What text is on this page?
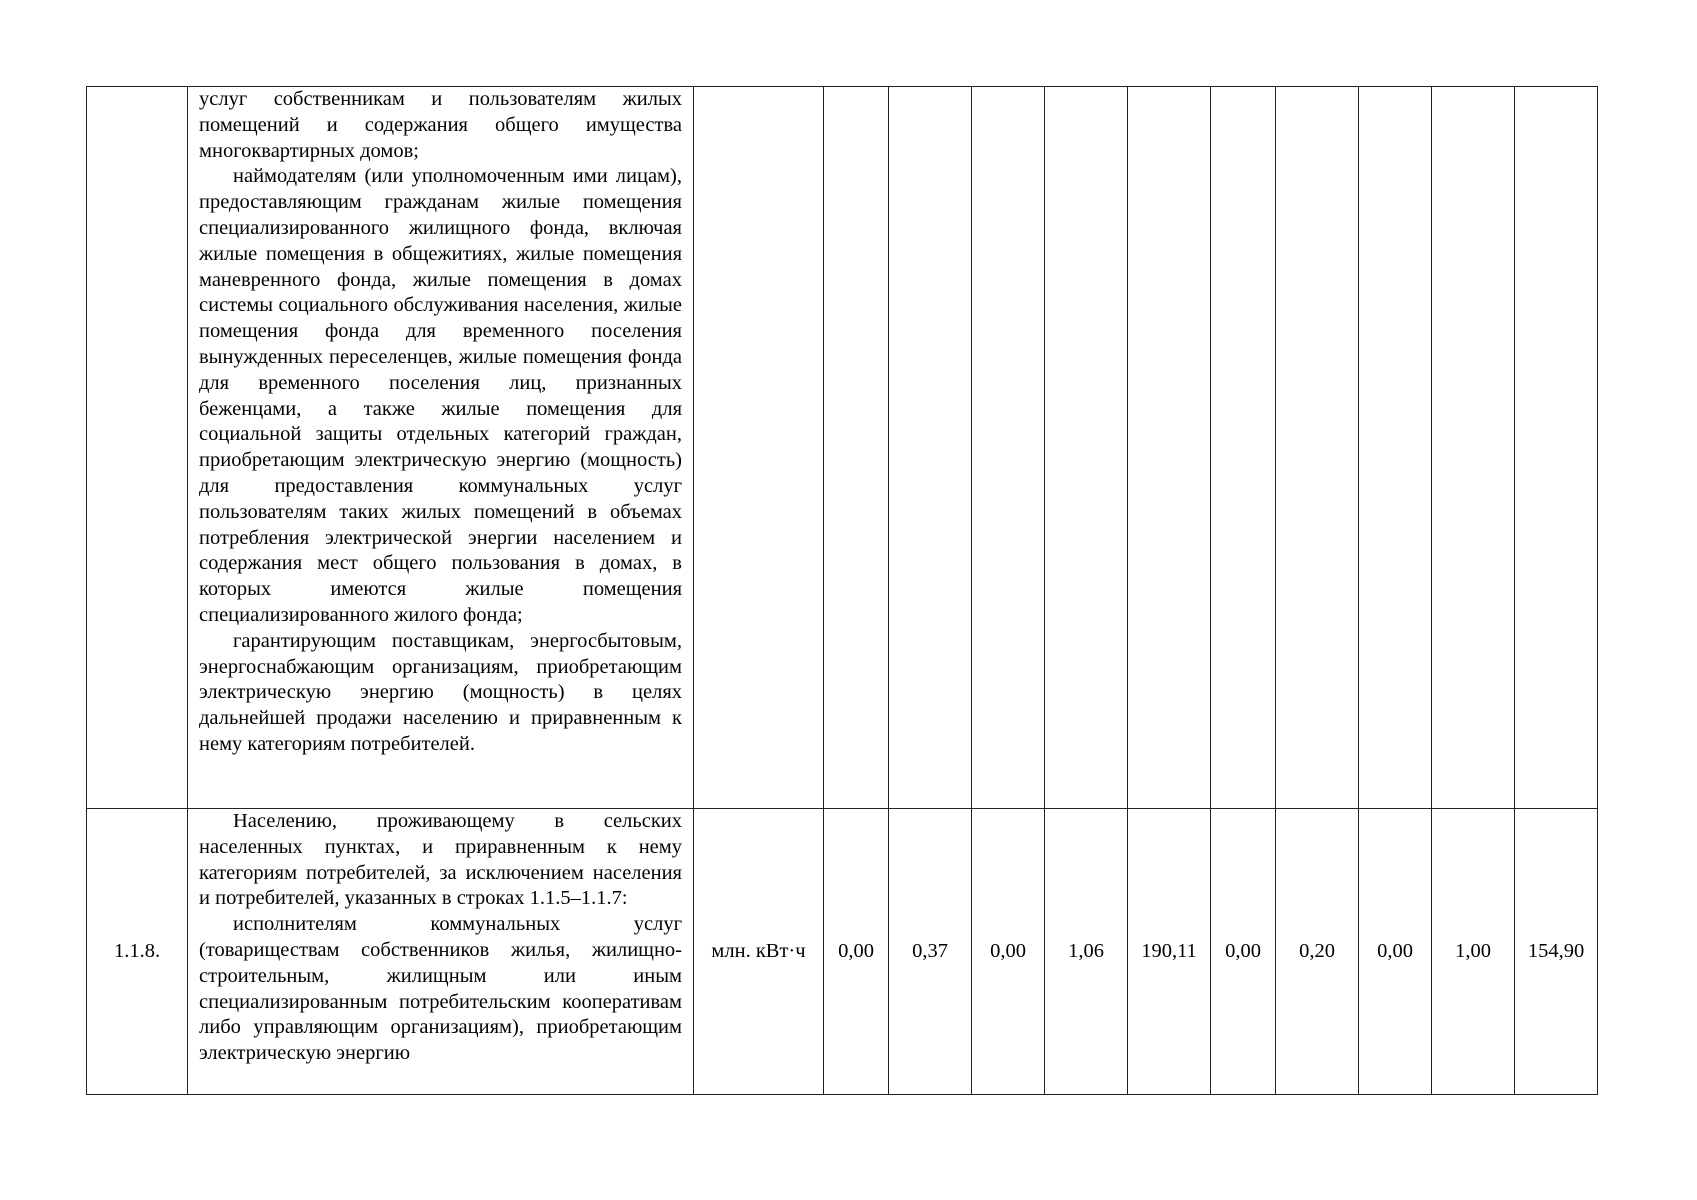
	услуг собственникам и пользователям жилых помещений и содержания общего имущества многоквартирных домов;

наймодателям (или уполномоченным ими лицам), предоставляющим гражданам жилые помещения специализированного жилищного фонда, включая жилые помещения в общежитиях, жилые помещения маневренного фонда, жилые помещения в домах системы социального обслуживания населения, жилые помещения фонда для временного поселения вынужденных переселенцев, жилые помещения фонда для временного поселения лиц, признанных беженцами, а также жилые помещения для социальной защиты отдельных категорий граждан, приобретающим электрическую энергию (мощность) для предоставления коммунальных услуг пользователям таких жилых помещений в объемах потребления электрической энергии населением и содержания мест общего пользования в домах, в которых имеются жилые помещения специализированного жилого фонда;

гарантирующим поставщикам, энергосбытовым, энергоснабжающим организациям, приобретающим электрическую энергию (мощность) в целях дальнейшей продажи населению и приравненным к нему категориям потребителей.											

1.1.8.	Населению, проживающему в сельских населенных пунктах, и приравненным к нему категориям потребителей, за исключением населения и потребителей, указанных в строках 1.1.5–1.1.7:

исполнителям коммунальных услуг (товариществам собственников жилья, жилищно-строительным, жилищным или иным специализированным потребительским кооперативам либо управляющим организациям), приобретающим электрическую энергию	млн. кВт·ч	0,00	0,37	0,00	1,06	190,11	0,00	0,20	0,00	1,00	154,90
